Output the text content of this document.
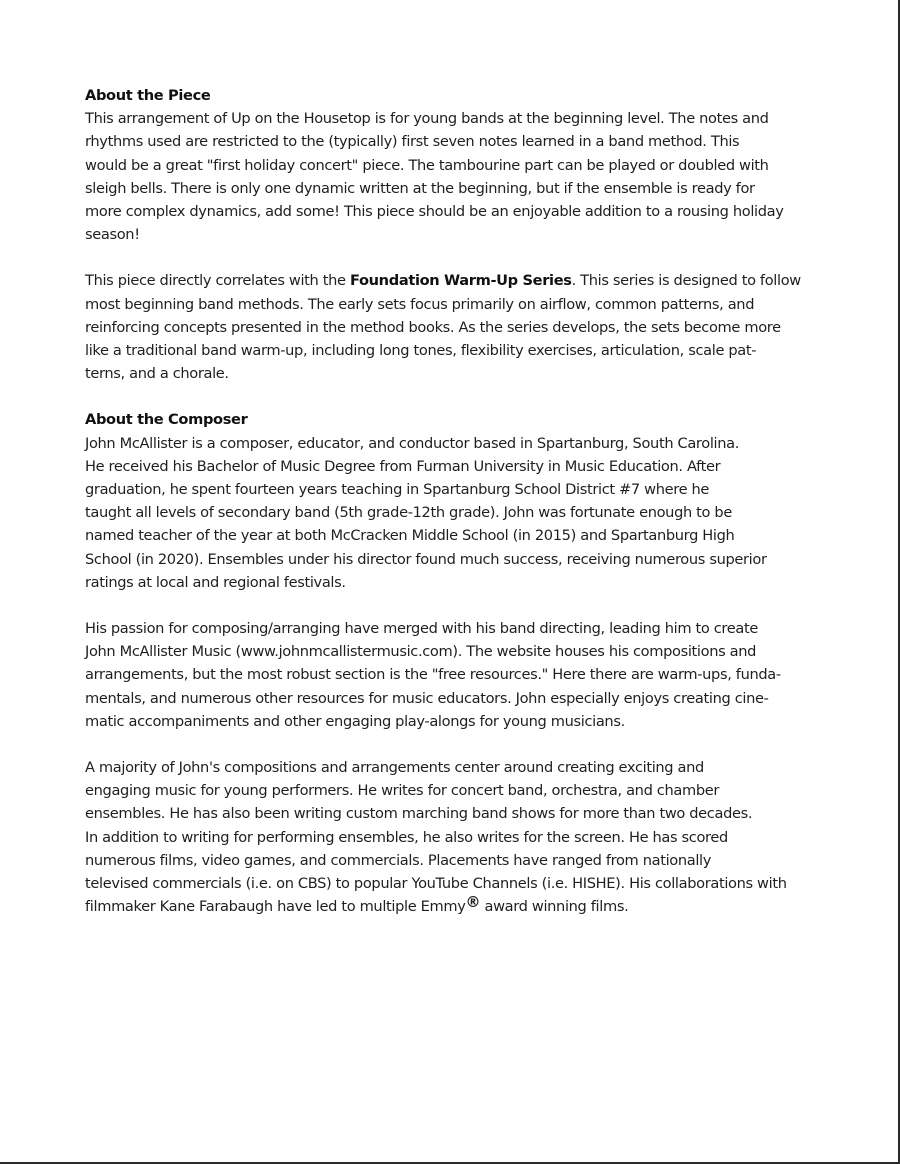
About the Piece

This arrangement of Up on the Housetop is for young bands at the beginning level. The notes and
rhythms used are restricted to the (typically) first seven notes learned in a band method. This
would be a great "first holiday concert" piece. The tambourine part can be played or doubled with
sleigh bells. There is only one dynamic written at the beginning, but if the ensemble is ready for
more complex dynamics, add some! This piece should be an enjoyable addition to a rousing holiday
season!

This piece directly correlates with the Foundation Warm-Up Series. This series is designed to follow
most beginning band methods. The early sets focus primarily on airflow, common patterns, and
reinforcing concepts presented in the method books. As the series develops, the sets become more
like a traditional band warm-up, including long tones, flexibility exercises, articulation, scale pat-
terns, and a chorale.

About the Composer

John McAllister is a composer, educator, and conductor based in Spartanburg, South Carolina.
He received his Bachelor of Music Degree from Furman University in Music Education. After
graduation, he spent fourteen years teaching in Spartanburg School District #7 where he
taught all levels of secondary band (5th grade-12th grade). John was fortunate enough to be
named teacher of the year at both McCracken Middle School (in 2015) and Spartanburg High
School (in 2020). Ensembles under his director found much success, receiving numerous superior
ratings at local and regional festivals.

His passion for composing/arranging have merged with his band directing, leading him to create
John McAllister Music (www.johnmcallistermusic.com). The website houses his compositions and
arrangements, but the most robust section is the "free resources." Here there are warm-ups, funda-
mentals, and numerous other resources for music educators. John especially enjoys creating cine-
matic accompaniments and other engaging play-alongs for young musicians.

A majority of John's compositions and arrangements center around creating exciting and
engaging music for young performers. He writes for concert band, orchestra, and chamber
ensembles. He has also been writing custom marching band shows for more than two decades.
In addition to writing for performing ensembles, he also writes for the screen. He has scored
numerous films, video games, and commercials. Placements have ranged from nationally
televised commercials (i.e. on CBS) to popular YouTube Channels (i.e. HISHE). His collaborations with
filmmaker Kane Farabaugh have led to multiple Emmy® award winning films.
